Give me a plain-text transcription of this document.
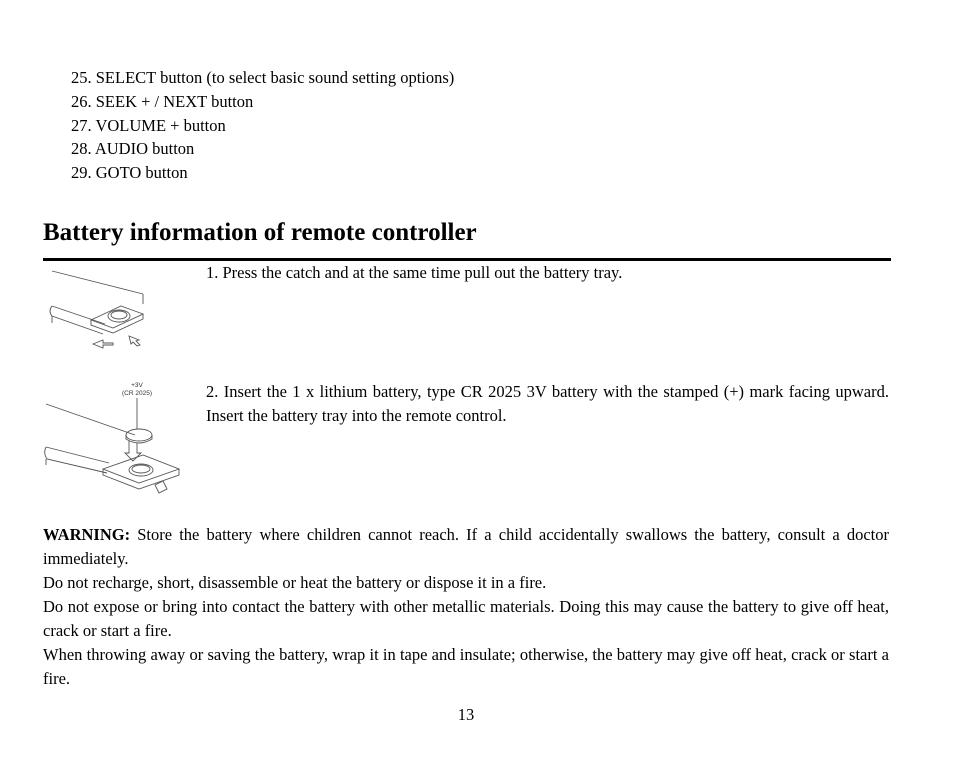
25. SELECT button (to select basic sound setting options)
26. SEEK + / NEXT button
27. VOLUME + button
28. AUDIO button
29. GOTO button
Battery information of remote controller
1. Press the catch and at the same time pull out the battery tray.
+3V
(CR 2025)	2. Insert the 1 x lithium battery, type CR 2025 3V battery with the stamped (+) mark facing upward. Insert the battery tray into the remote control.

WARNING: Store the battery where children cannot reach. If a child accidentally swallows the battery, consult a doctor immediately.

Do not recharge, short, disassemble or heat the battery or dispose it in a fire.

Do not expose or bring into contact the battery with other metallic materials. Doing this may cause the battery to give off heat, crack or start a fire.

When throwing away or saving the battery, wrap it in tape and insulate; otherwise, the battery may give off heat, crack or start a fire.

13
